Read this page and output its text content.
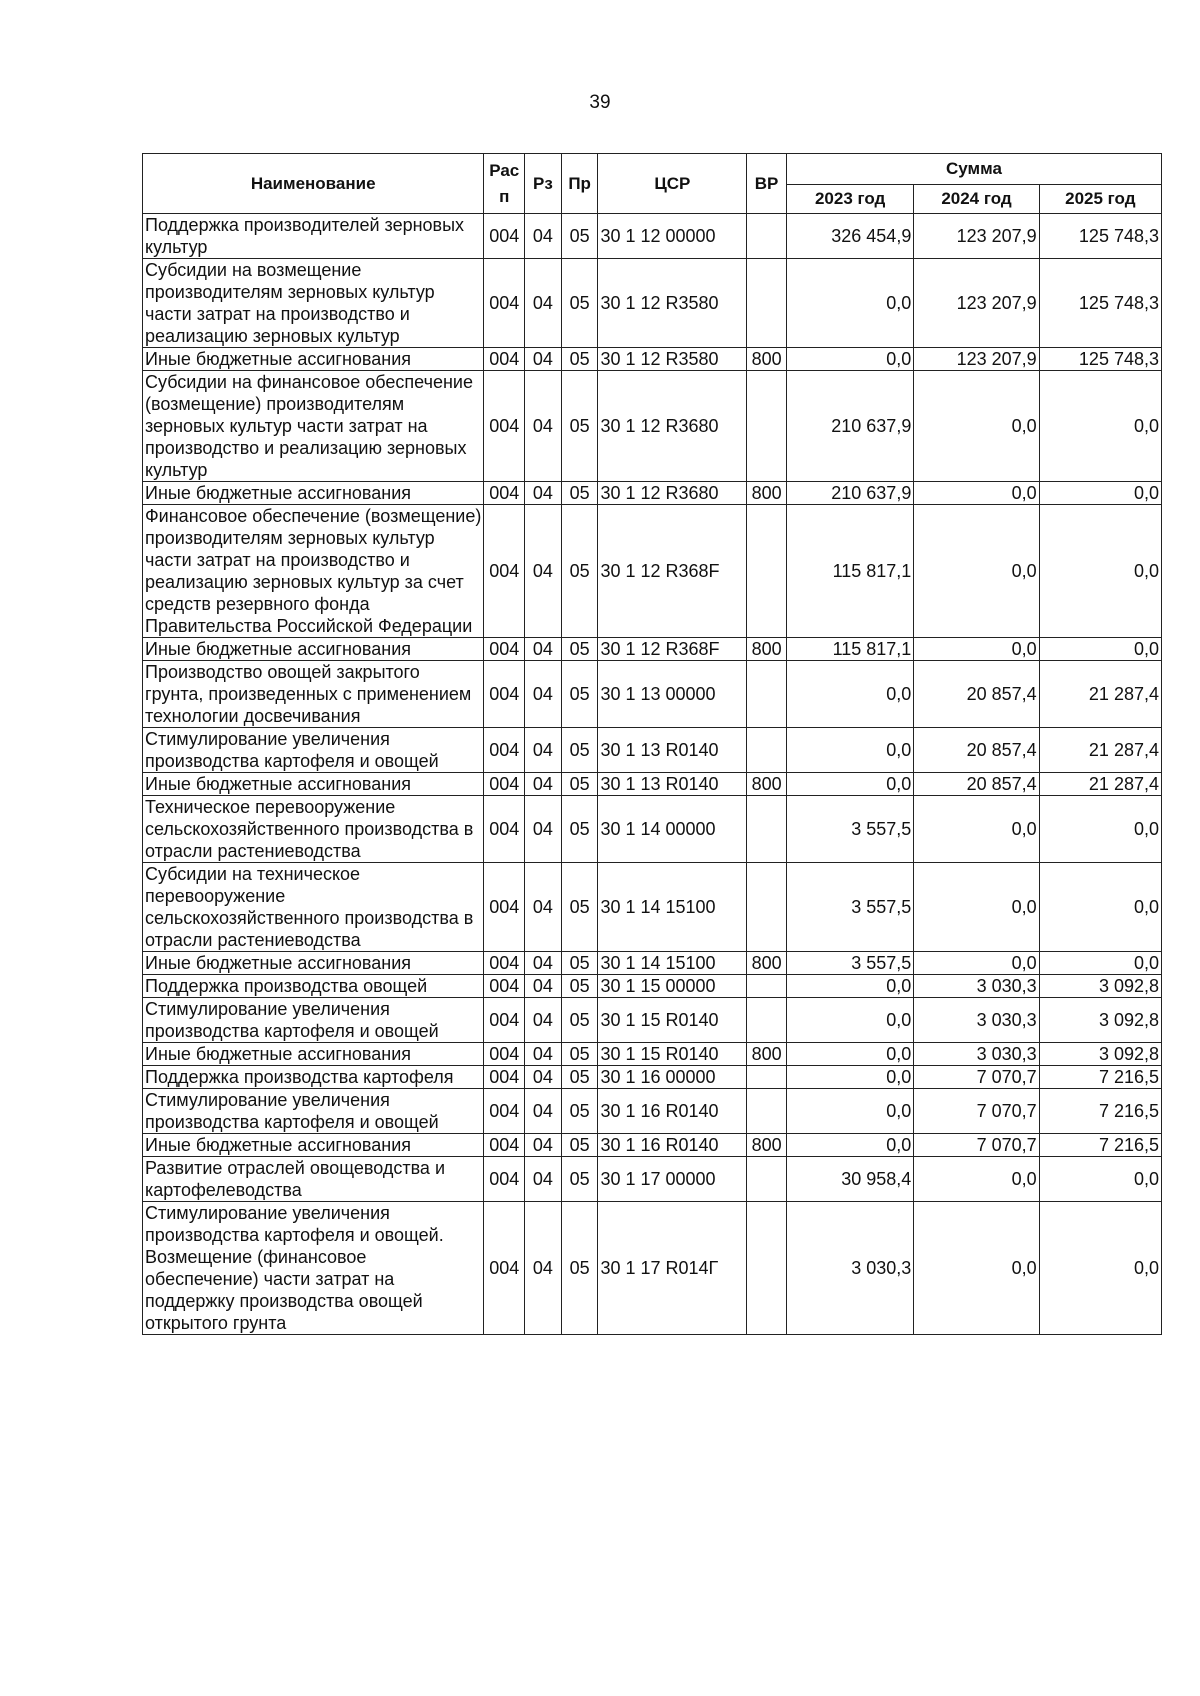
39
Наименование	Рас п	Рз	Пр	ЦСР	ВР	Сумма		
						2023 год	2024 год	2025 год
Поддержка производителей зерновых культур	004	04	05	30 1 12 00000		326 454,9	123 207,9	125 748,3
Субсидии на возмещение производителям зерновых культур части затрат на производство и реализацию зерновых культур	004	04	05	30 1 12 R3580		0,0	123 207,9	125 748,3
Иные бюджетные ассигнования	004	04	05	30 1 12 R3580	800	0,0	123 207,9	125 748,3
Субсидии на финансовое обеспечение (возмещение) производителям зерновых культур части затрат на производство и реализацию зерновых культур	004	04	05	30 1 12 R3680		210 637,9	0,0	0,0
Иные бюджетные ассигнования	004	04	05	30 1 12 R3680	800	210 637,9	0,0	0,0
Финансовое обеспечение (возмещение) производителям зерновых культур части затрат на производство и реализацию зерновых культур за счет средств резервного фонда Правительства Российской Федерации	004	04	05	30 1 12 R368F		115 817,1	0,0	0,0
Иные бюджетные ассигнования	004	04	05	30 1 12 R368F	800	115 817,1	0,0	0,0
Производство овощей закрытого грунта, произведенных с применением технологии досвечивания	004	04	05	30 1 13 00000		0,0	20 857,4	21 287,4
Стимулирование увеличения производства картофеля и овощей	004	04	05	30 1 13 R0140		0,0	20 857,4	21 287,4
Иные бюджетные ассигнования	004	04	05	30 1 13 R0140	800	0,0	20 857,4	21 287,4
Техническое перевооружение сельскохозяйственного производства в отрасли растениеводства	004	04	05	30 1 14 00000		3 557,5	0,0	0,0
Субсидии на техническое перевооружение сельскохозяйственного производства в отрасли растениеводства	004	04	05	30 1 14 15100		3 557,5	0,0	0,0
Иные бюджетные ассигнования	004	04	05	30 1 14 15100	800	3 557,5	0,0	0,0
Поддержка производства овощей	004	04	05	30 1 15 00000		0,0	3 030,3	3 092,8
Стимулирование увеличения производства картофеля и овощей	004	04	05	30 1 15 R0140		0,0	3 030,3	3 092,8
Иные бюджетные ассигнования	004	04	05	30 1 15 R0140	800	0,0	3 030,3	3 092,8
Поддержка производства картофеля	004	04	05	30 1 16 00000		0,0	7 070,7	7 216,5
Стимулирование увеличения производства картофеля и овощей	004	04	05	30 1 16 R0140		0,0	7 070,7	7 216,5
Иные бюджетные ассигнования	004	04	05	30 1 16 R0140	800	0,0	7 070,7	7 216,5
Развитие отраслей овощеводства и картофелеводства	004	04	05	30 1 17 00000		30 958,4	0,0	0,0
Стимулирование увеличения производства картофеля и овощей. Возмещение (финансовое обеспечение) части затрат на поддержку производства овощей открытого грунта	004	04	05	30 1 17 R014Г		3 030,3	0,0	0,0
